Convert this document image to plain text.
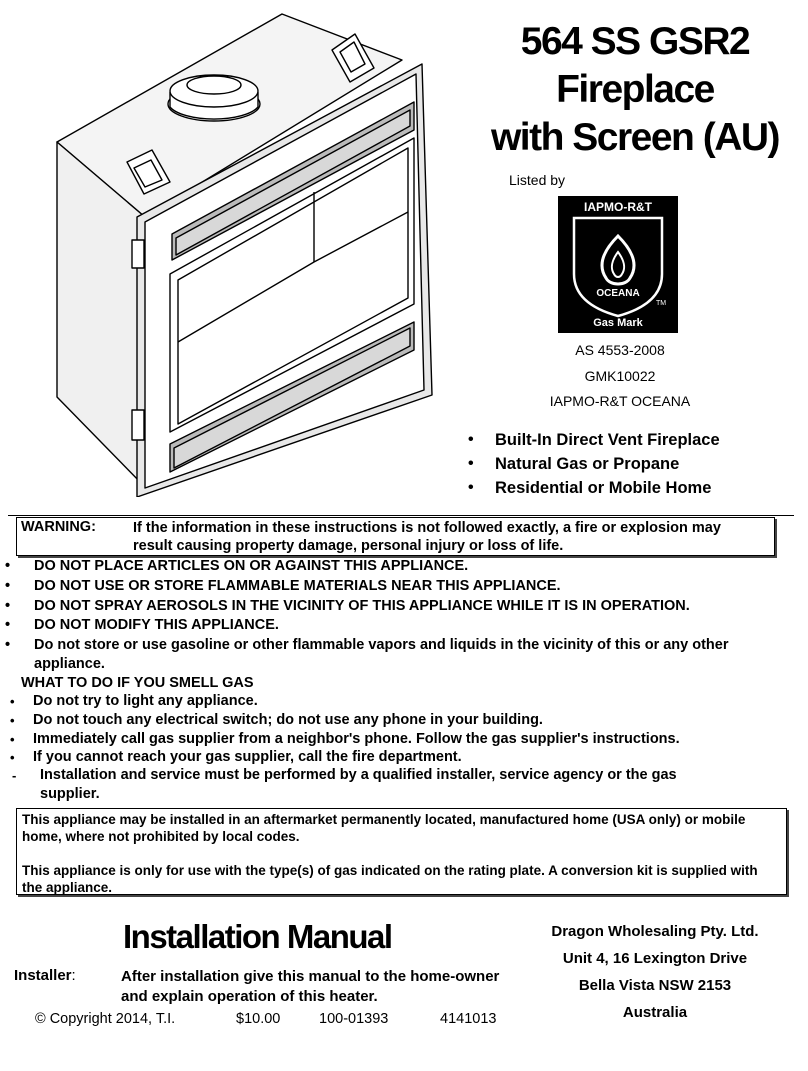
564 SS GSR2
Fireplace
with Screen (AU)
Listed by
IAPMO-R&T
OCEANA
TM
Gas Mark
AS 4553-2008
GMK10022
IAPMO-R&T OCEANA
• Built-In Direct Vent Fireplace
• Natural Gas or Propane
• Residential or Mobile Home
WARNING:	If the information in these instructions is not followed exactly, a fire or explosion may result causing property damage, personal injury or loss of life.
• DO NOT PLACE ARTICLES ON OR AGAINST THIS APPLIANCE.
• DO NOT USE OR STORE FLAMMABLE MATERIALS NEAR THIS APPLIANCE.
• DO NOT SPRAY AEROSOLS IN THE VICINITY OF THIS APPLIANCE WHILE IT IS IN OPERATION.
• DO NOT MODIFY THIS APPLIANCE.
• Do not store or use gasoline or other flammable vapors and liquids in the vicinity of this or any other appliance.
WHAT TO DO IF YOU SMELL GAS
• Do not try to light any appliance.
• Do not touch any electrical switch; do not use any phone in your building.
• Immediately call gas supplier from a neighbor's phone. Follow the gas supplier's instructions.
• If you cannot reach your gas supplier, call the fire department.
- Installation and service must be performed by a qualified installer, service agency or the gas supplier.

This appliance may be installed in an aftermarket permanently located, manufactured home (USA only) or mobile home, where not prohibited by local codes.

This appliance is only for use with the type(s) of gas indicated on the rating plate. A conversion kit is supplied with the appliance.

Installation Manual
Installer:	After installation give this manual to the home-owner and explain operation of this heater.
© Copyright 2014, T.I.	$10.00	100-01393	4141013
Dragon Wholesaling Pty. Ltd.
Unit 4, 16 Lexington Drive
Bella Vista NSW 2153
Australia
